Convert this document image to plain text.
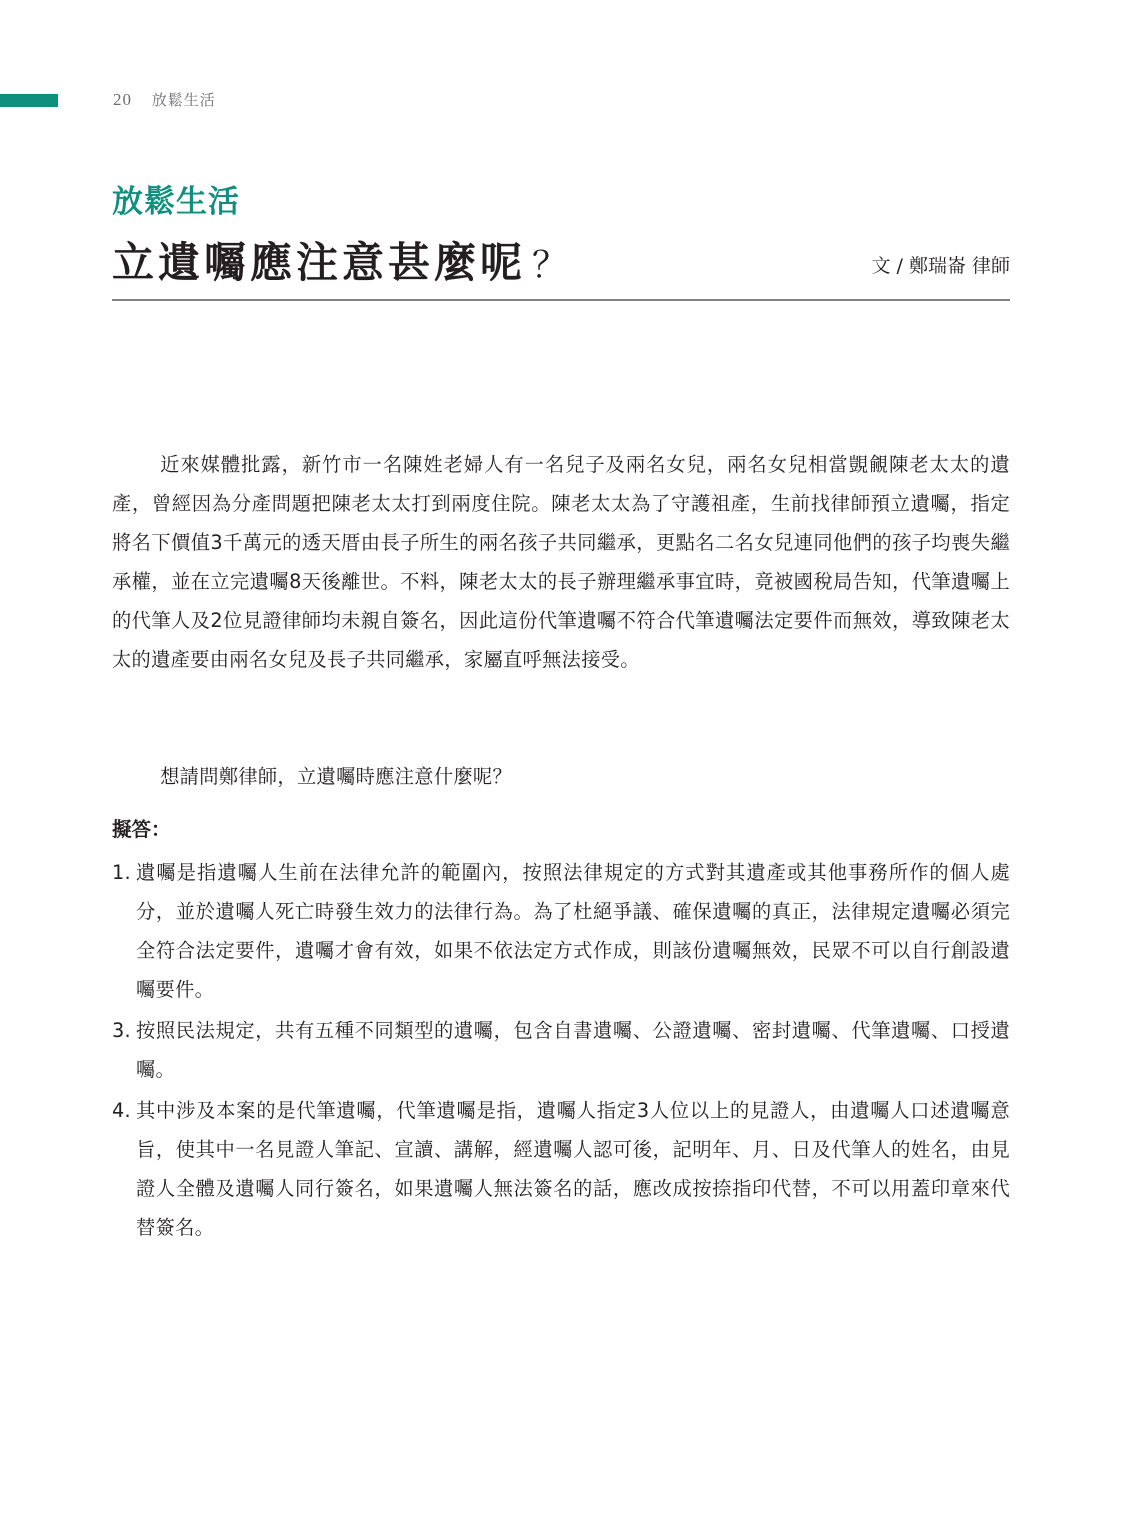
20 放鬆生活
放鬆生活
立遺囑應注意甚麼呢 ？	文 / 鄭瑞崙 律師

近來媒體批露，新竹市一名陳姓老婦人有一名兒子及兩名女兒，兩名女兒相當覬覦陳老太太的遺產，曾經因為分產問題把陳老太太打到兩度住院。陳老太太為了守護祖產，生前找律師預立遺囑，指定將名下價值3千萬元的透天厝由長子所生的兩名孩子共同繼承，更點名二名女兒連同他們的孩子均喪失繼承權，並在立完遺囑8天後離世。不料，陳老太太的長子辦理繼承事宜時，竟被國稅局告知，代筆遺囑上的代筆人及2位見證律師均未親自簽名，因此這份代筆遺囑不符合代筆遺囑法定要件而無效，導致陳老太太的遺產要由兩名女兒及長子共同繼承，家屬直呼無法接受。

想請問鄭律師，立遺囑時應注意什麼呢？

擬答：
1. 遺囑是指遺囑人生前在法律允許的範圍內，按照法律規定的方式對其遺產或其他事務所作的個人處分，並於遺囑人死亡時發生效力的法律行為。為了杜絕爭議、確保遺囑的真正，法律規定遺囑必須完全符合法定要件，遺囑才會有效，如果不依法定方式作成，則該份遺囑無效，民眾不可以自行創設遺囑要件。
3. 按照民法規定，共有五種不同類型的遺囑，包含自書遺囑、公證遺囑、密封遺囑、代筆遺囑、口授遺囑。
4. 其中涉及本案的是代筆遺囑，代筆遺囑是指，遺囑人指定3人位以上的見證人，由遺囑人口述遺囑意旨，使其中一名見證人筆記、宣讀、講解，經遺囑人認可後，記明年、月、日及代筆人的姓名，由見證人全體及遺囑人同行簽名，如果遺囑人無法簽名的話，應改成按捺指印代替，不可以用蓋印章來代替簽名。
